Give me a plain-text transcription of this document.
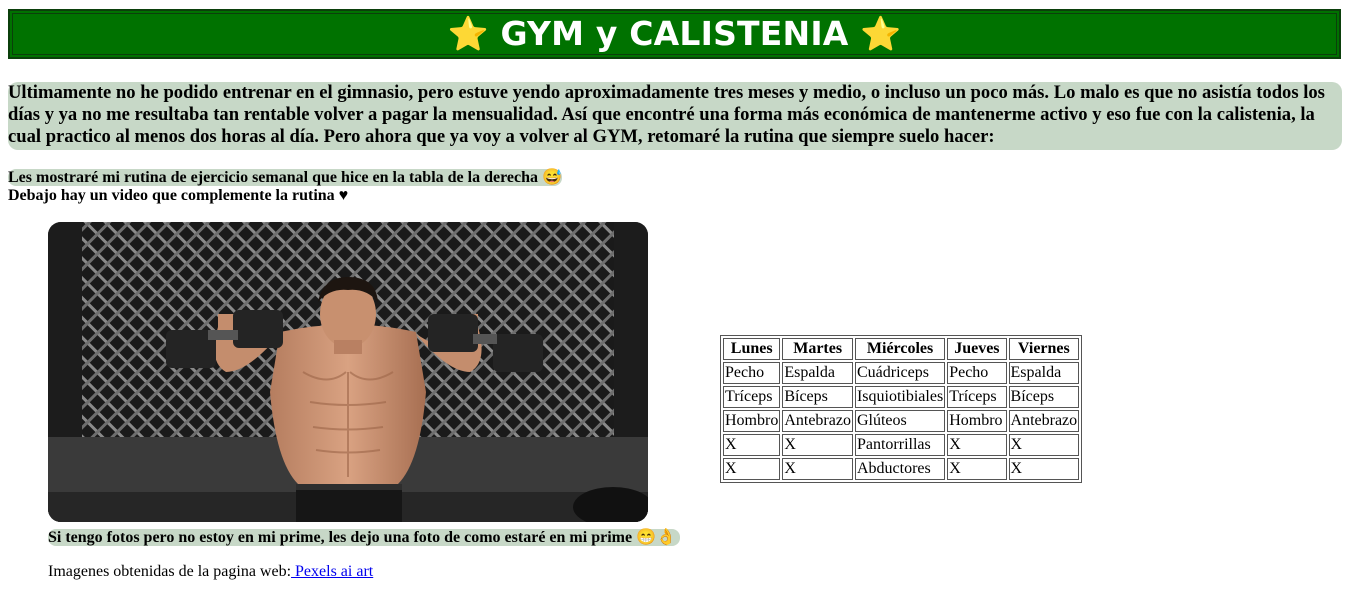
⭐ GYM y CALISTENIA ⭐
Ultimamente no he podido entrenar en el gimnasio, pero estuve yendo aproximadamente tres meses y medio, o incluso un poco más. Lo malo es que no asistía todos los días y ya no me resultaba tan rentable volver a pagar la mensualidad. Así que encontré una forma más económica de mantenerme activo y eso fue con la calistenia, la cual practico al menos dos horas al día. Pero ahora que ya voy a volver al GYM, retomaré la rutina que siempre suelo hacer:
Les mostraré mi rutina de ejercicio semanal que hice en la tabla de la derecha 😅
Debajo hay un video que complemente la rutina ♥
Si tengo fotos pero no estoy en mi prime, les dejo una foto de como estaré en mi prime 😁👌
Imagenes obtenidas de la pagina web: Pexels ai art
Lunes	Martes	Miércoles	Jueves	Viernes
Pecho	Espalda	Cuádriceps	Pecho	Espalda
Tríceps	Bíceps	Isquiotibiales	Tríceps	Bíceps
Hombro	Antebrazo	Glúteos	Hombro	Antebrazo
X	X	Pantorrillas	X	X
X	X	Abductores	X	X
